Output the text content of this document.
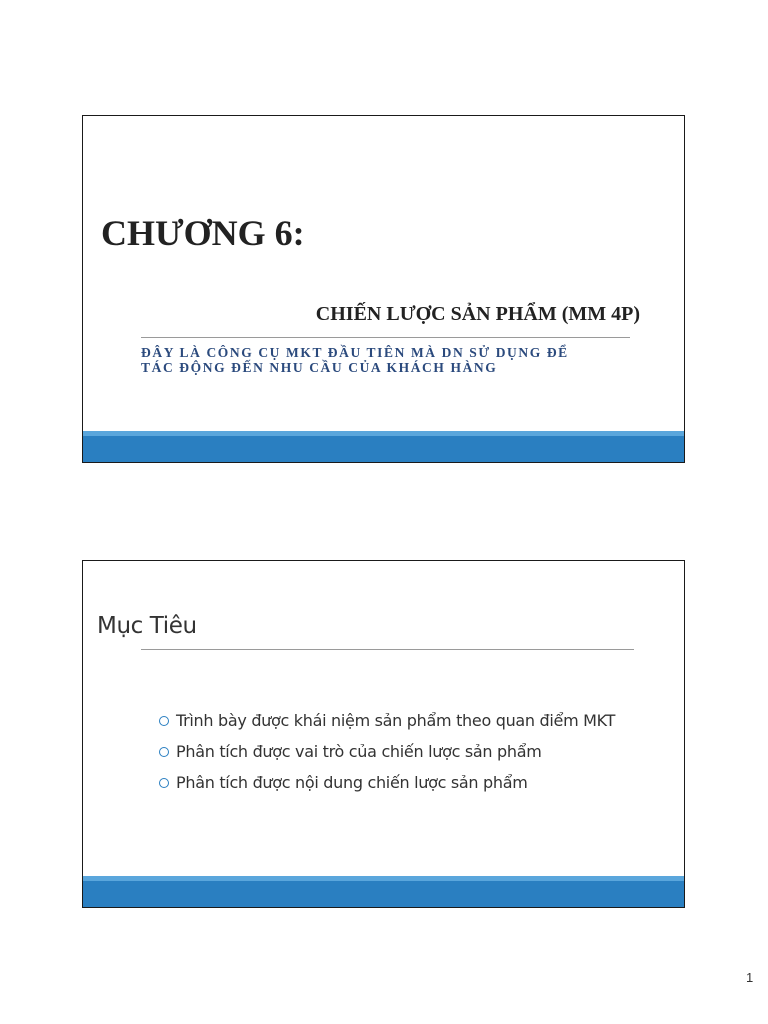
CHƯƠNG 6:
CHIẾN LƯỢC SẢN PHẨM (MM 4P)

ĐÂY LÀ CÔNG CỤ MKT ĐẦU TIÊN MÀ DN SỬ DỤNG ĐỂ
TÁC ĐỘNG ĐẾN NHU CẦU CỦA KHÁCH HÀNG

Mục Tiêu
Trình bày được khái niệm sản phẩm theo quan điểm MKT
Phân tích được vai trò của chiến lược sản phẩm
Phân tích được nội dung chiến lược sản phẩm
1
